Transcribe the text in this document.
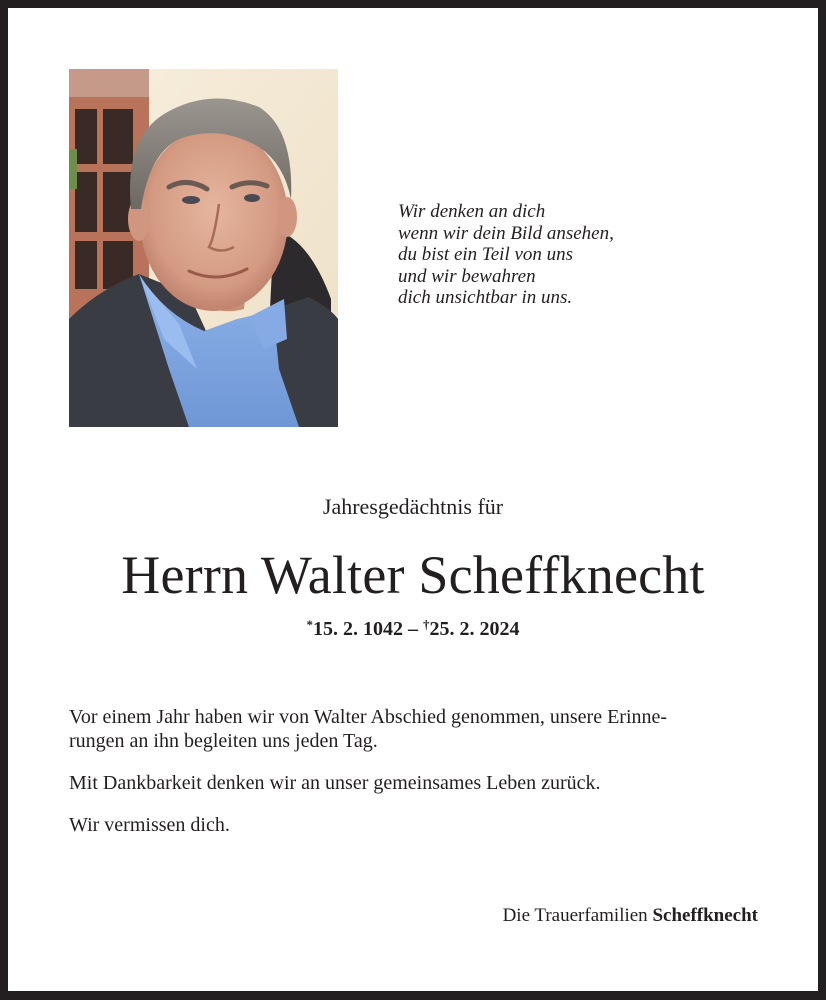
Wir denken an dich
wenn wir dein Bild ansehen,
du bist ein Teil von uns
und wir bewahren
dich unsichtbar in uns.
Jahresgedächtnis für
Herrn Walter Scheffknecht
*15. 2. 1042 – †25. 2. 2024

Vor einem Jahr haben wir von Walter Abschied genommen, unsere Erinne-
rungen an ihn begleiten uns jeden Tag.

Mit Dankbarkeit denken wir an unser gemeinsames Leben zurück.

Wir vermissen dich.

Die Trauerfamilien Scheffknecht
